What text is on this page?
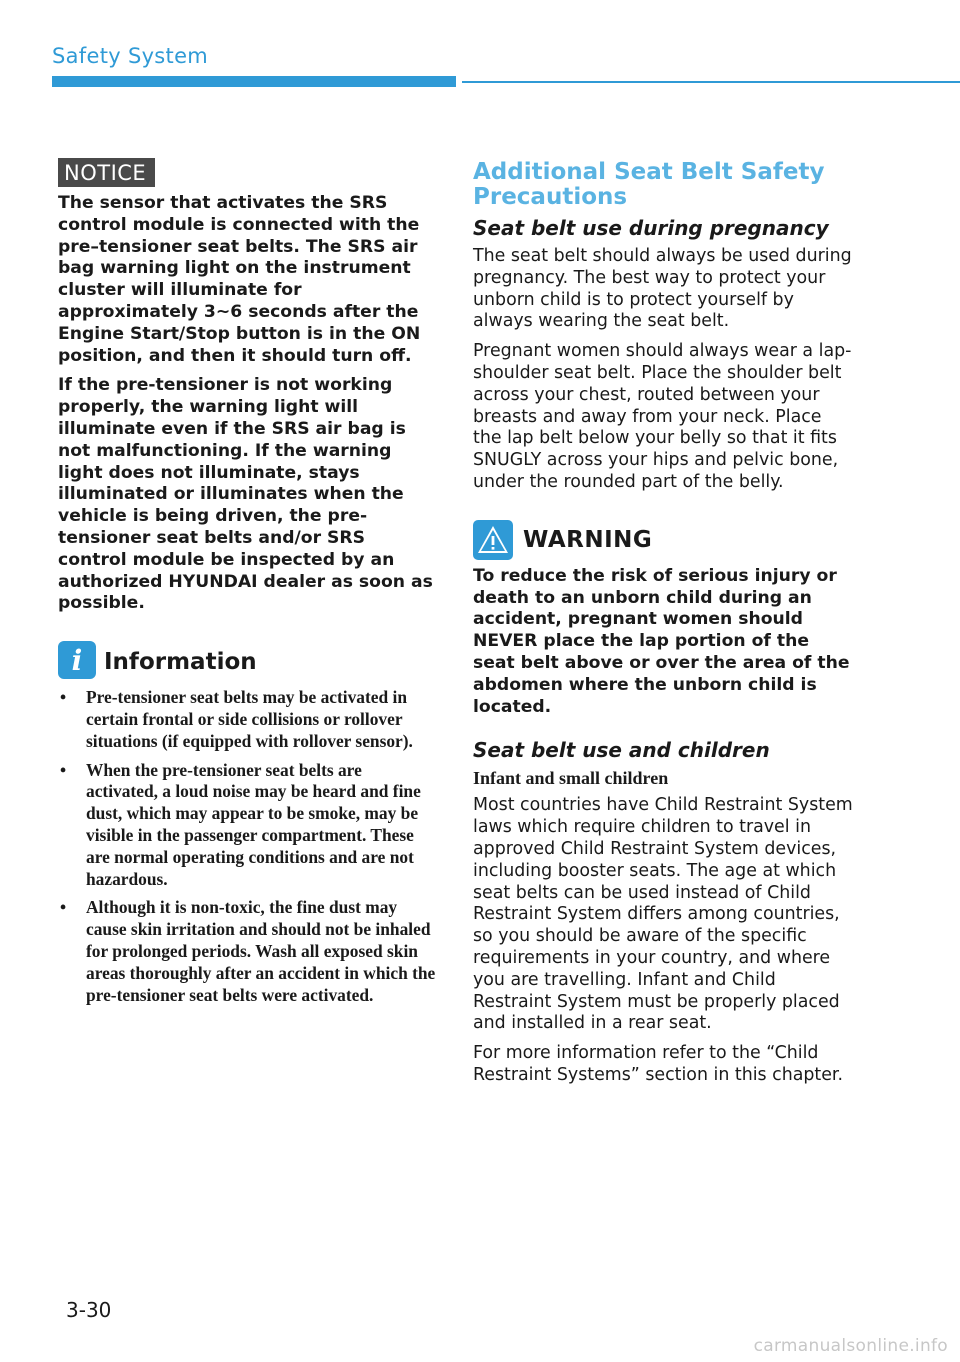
Safety System
NOTICE

The sensor that activates the SRS control module is connected with the pre–tensioner seat belts. The SRS air bag warning light on the instrument cluster will illuminate for approximately 3~6 seconds after the Engine Start/Stop button is in the ON position, and then it should turn off.

If the pre-tensioner is not working properly, the warning light will illuminate even if the SRS air bag is not malfunctioning. If the warning light does not illuminate, stays illuminated or illuminates when the vehicle is being driven, the pre-tensioner seat belts and/or SRS control module be inspected by an authorized HYUNDAI dealer as soon as possible.

i Information
• Pre-tensioner seat belts may be activated in certain frontal or side collisions or rollover situations (if equipped with rollover sensor).
• When the pre-tensioner seat belts are activated, a loud noise may be heard and fine dust, which may appear to be smoke, may be visible in the passenger compartment. These are normal operating conditions and are not hazardous.
• Although it is non-toxic, the fine dust may cause skin irritation and should not be inhaled for prolonged periods. Wash all exposed skin areas thoroughly after an accident in which the pre-tensioner seat belts were activated.
Additional Seat Belt Safety Precautions
Seat belt use during pregnancy

The seat belt should always be used during pregnancy. The best way to protect your unborn child is to protect yourself by always wearing the seat belt.

Pregnant women should always wear a lap-shoulder seat belt. Place the shoulder belt across your chest, routed between your breasts and away from your neck. Place the lap belt below your belly so that it fits SNUGLY across your hips and pelvic bone, under the rounded part of the belly.

WARNING

To reduce the risk of serious injury or death to an unborn child during an accident, pregnant women should NEVER place the lap portion of the seat belt above or over the area of the abdomen where the unborn child is located.

Seat belt use and children
Infant and small children

Most countries have Child Restraint System laws which require children to travel in approved Child Restraint System devices, including booster seats. The age at which seat belts can be used instead of Child Restraint System differs among countries, so you should be aware of the specific requirements in your country, and where you are travelling. Infant and Child Restraint System must be properly placed and installed in a rear seat.

For more information refer to the “Child Restraint Systems” section in this chapter.

3-30
carmanualsonline.info
